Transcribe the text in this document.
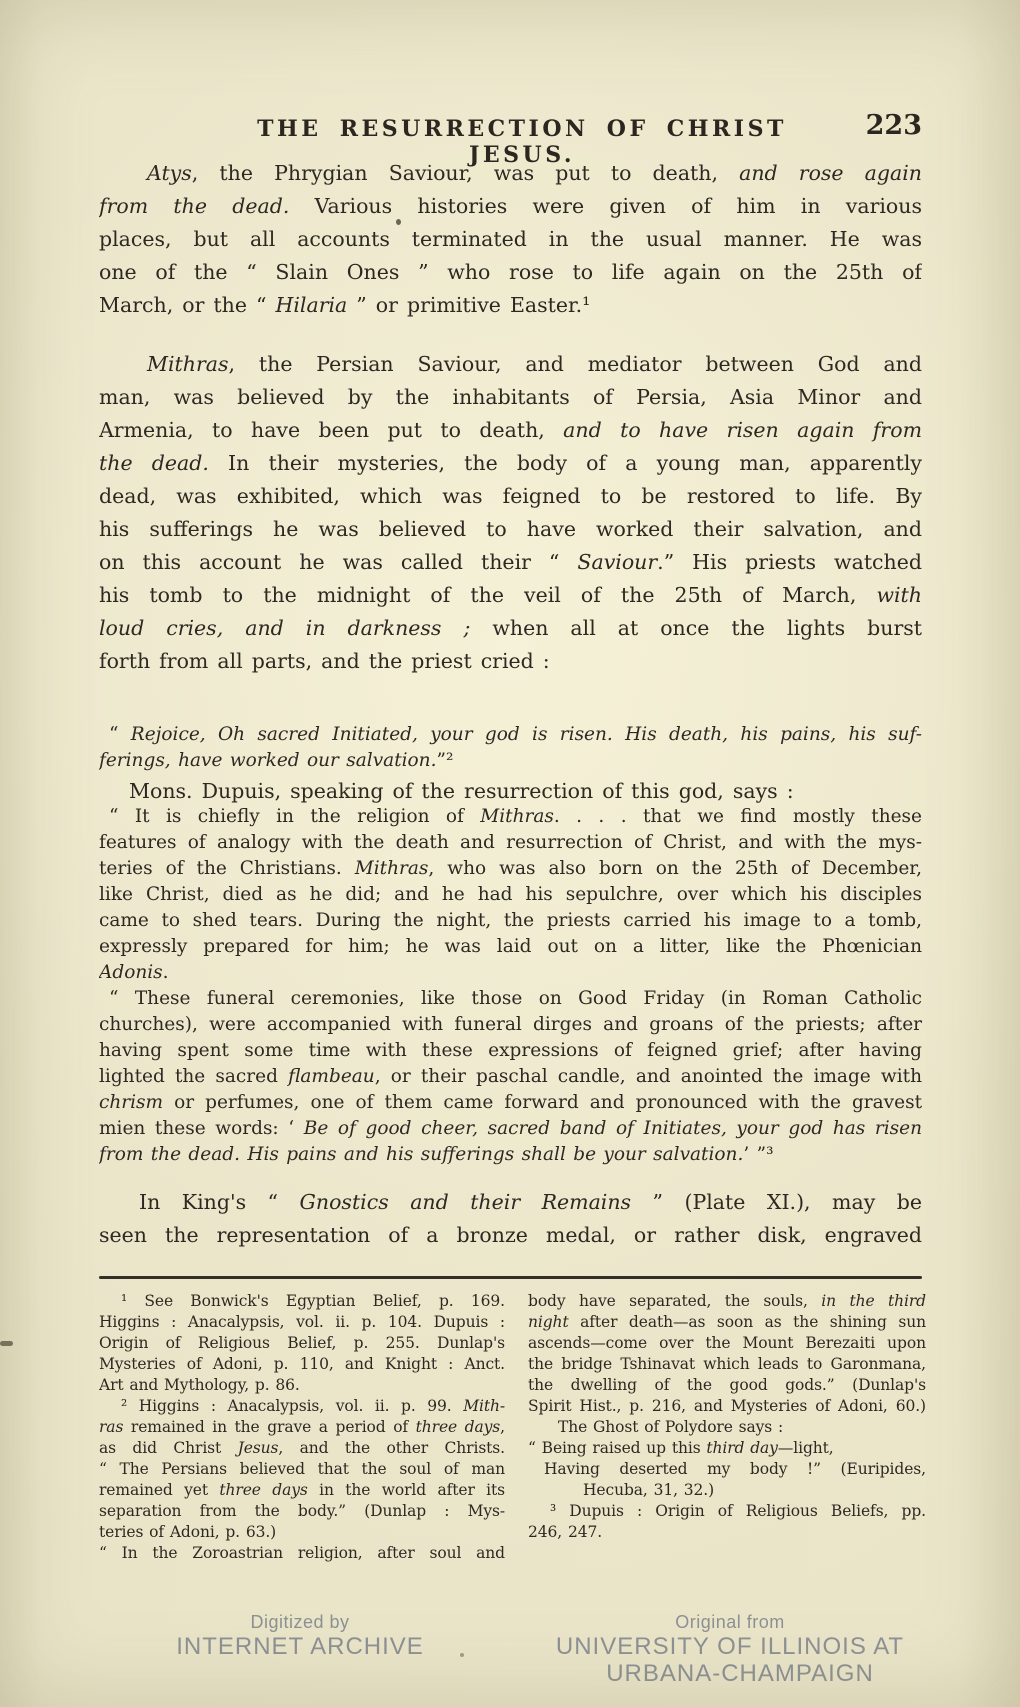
THE RESURRECTION OF CHRIST JESUS.
223
Atys, the Phrygian Saviour, was put to death, and rose again
from the dead. Various histories were given of him in various
places, but all accounts terminated in the usual manner. He was
one of the “ Slain Ones ” who rose to life again on the 25th of
March, or the “ Hilaria ” or primitive Easter.¹
Mithras, the Persian Saviour, and mediator between God and
man, was believed by the inhabitants of Persia, Asia Minor and
Armenia, to have been put to death, and to have risen again from
the dead. In their mysteries, the body of a young man, apparently
dead, was exhibited, which was feigned to be restored to life. By
his sufferings he was believed to have worked their salvation, and
on this account he was called their “ Saviour.” His priests watched
his tomb to the midnight of the veil of the 25th of March, with
loud cries, and in darkness ; when all at once the lights burst
forth from all parts, and the priest cried :
“ Rejoice, Oh sacred Initiated, your god is risen. His death, his pains, his suf-
ferings, have worked our salvation.”²
Mons. Dupuis, speaking of the resurrection of this god, says :
“ It is chiefly in the religion of Mithras. . . . that we find mostly these
features of analogy with the death and resurrection of Christ, and with the mys-
teries of the Christians. Mithras, who was also born on the 25th of December,
like Christ, died as he did; and he had his sepulchre, over which his disciples
came to shed tears. During the night, the priests carried his image to a tomb,
expressly prepared for him; he was laid out on a litter, like the Phœnician
Adonis.
“ These funeral ceremonies, like those on Good Friday (in Roman Catholic
churches), were accompanied with funeral dirges and groans of the priests; after
having spent some time with these expressions of feigned grief; after having
lighted the sacred flambeau, or their paschal candle, and anointed the image with
chrism or perfumes, one of them came forward and pronounced with the gravest
mien these words: ‘ Be of good cheer, sacred band of Initiates, your god has risen
from the dead. His pains and his sufferings shall be your salvation.’ ”³
In King's “ Gnostics and their Remains ” (Plate XI.), may be
seen the representation of a bronze medal, or rather disk, engraved
¹ See Bonwick's Egyptian Belief, p. 169.
Higgins : Anacalypsis, vol. ii. p. 104. Dupuis :
Origin of Religious Belief, p. 255. Dunlap's
Mysteries of Adoni, p. 110, and Knight : Anct.
Art and Mythology, p. 86.
² Higgins : Anacalypsis, vol. ii. p. 99. Mith-
ras remained in the grave a period of three days,
as did Christ Jesus, and the other Christs.
“ The Persians believed that the soul of man
remained yet three days in the world after its
separation from the body.” (Dunlap : Mys-
teries of Adoni, p. 63.)
“ In the Zoroastrian religion, after soul and
body have separated, the souls, in the third
night after death—as soon as the shining sun
ascends—come over the Mount Berezaiti upon
the bridge Tshinavat which leads to Garonmana,
the dwelling of the good gods.” (Dunlap's
Spirit Hist., p. 216, and Mysteries of Adoni, 60.)
The Ghost of Polydore says :
“ Being raised up this third day—light,
Having deserted my body !” (Euripides,
Hecuba, 31, 32.)
³ Dupuis : Origin of Religious Beliefs, pp.
246, 247.
Digitized by
INTERNET ARCHIVE
Original from
UNIVERSITY OF ILLINOIS AT
URBANA-CHAMPAIGN
